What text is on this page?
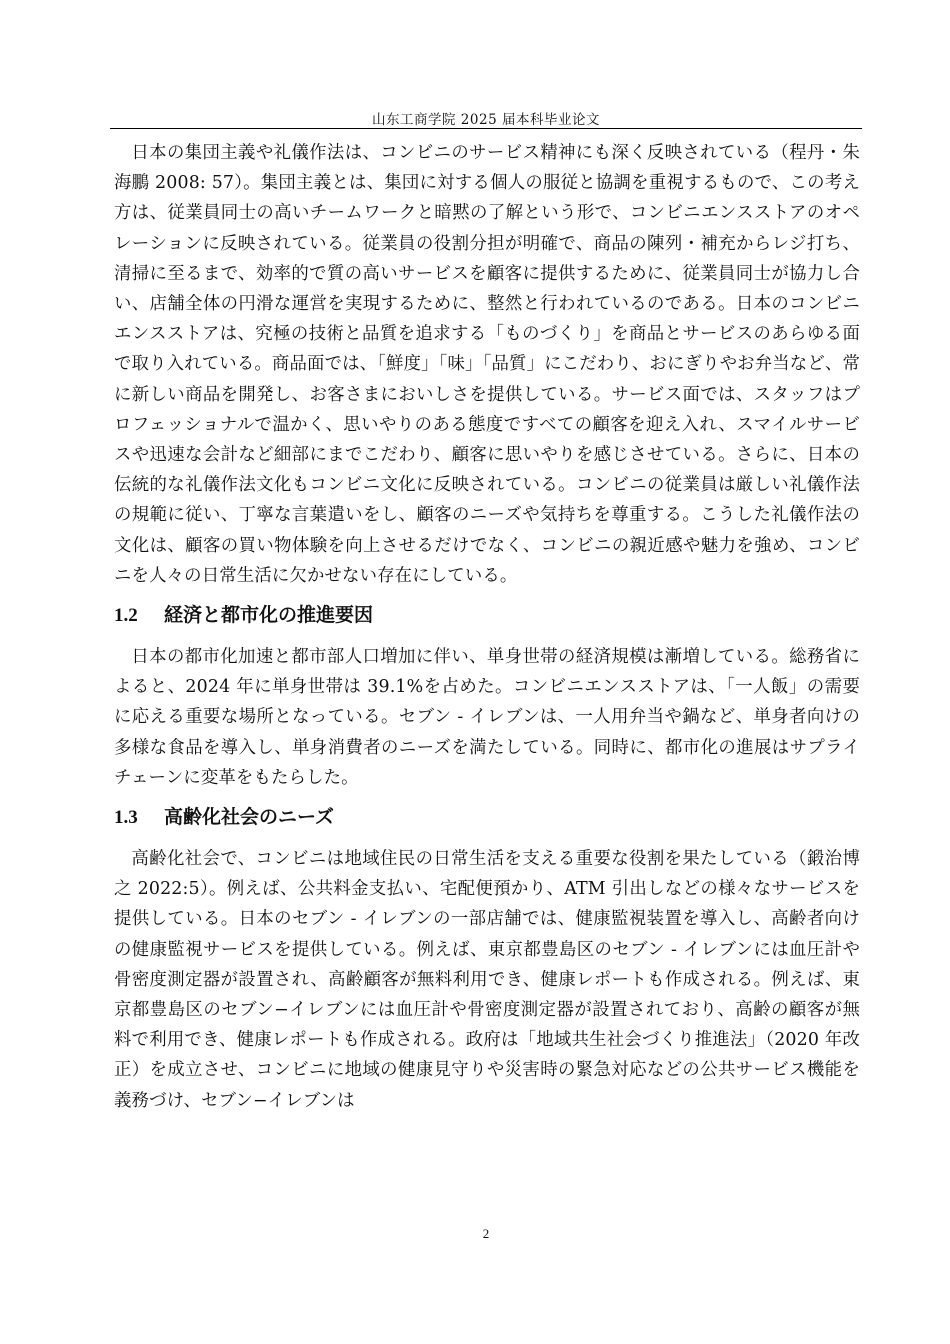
山东工商学院 2025 届本科毕业论文

日本の集団主義や礼儀作法は、コンビニのサービス精神にも深く反映されている（程丹・朱海鵬 2008: 57）。集団主義とは、集団に対する個人の服従と協調を重視するもので、この考え方は、従業員同士の高いチームワークと暗黙の了解という形で、コンビニエンスストアのオペレーションに反映されている。従業員の役割分担が明確で、商品の陳列・補充からレジ打ち、清掃に至るまで、効率的で質の高いサービスを顧客に提供するために、従業員同士が協力し合い、店舗全体の円滑な運営を実現するために、整然と行われているのである。日本のコンビニエンスストアは、究極の技術と品質を追求する「ものづくり」を商品とサービスのあらゆる面で取り入れている。商品面では、「鮮度」「味」「品質」にこだわり、おにぎりやお弁当など、常に新しい商品を開発し、お客さまにおいしさを提供している。サービス面では、スタッフはプロフェッショナルで温かく、思いやりのある態度ですべての顧客を迎え入れ、スマイルサービスや迅速な会計など細部にまでこだわり、顧客に思いやりを感じさせている。さらに、日本の伝統的な礼儀作法文化もコンビニ文化に反映されている。コンビニの従業員は厳しい礼儀作法の規範に従い、丁寧な言葉遣いをし、顧客のニーズや気持ちを尊重する。こうした礼儀作法の文化は、顧客の買い物体験を向上させるだけでなく、コンビニの親近感や魅力を強め、コンビニを人々の日常生活に欠かせない存在にしている。

1.2 経済と都市化の推進要因

日本の都市化加速と都市部人口増加に伴い、単身世帯の経済規模は漸増している。総務省によると、2024 年に単身世帯は 39.1%を占めた。コンビニエンスストアは、「一人飯」の需要に応える重要な場所となっている。セブン - イレブンは、一人用弁当や鍋など、単身者向けの多様な食品を導入し、単身消費者のニーズを満たしている。同時に、都市化の進展はサプライチェーンに変革をもたらした。

1.3 高齢化社会のニーズ

高齢化社会で、コンビニは地域住民の日常生活を支える重要な役割を果たしている（鍛治博之 2022:5）。例えば、公共料金支払い、宅配便預かり、ATM 引出しなどの様々なサービスを提供している。日本のセブン - イレブンの一部店舗では、健康監視装置を導入し、高齢者向けの健康監視サービスを提供している。例えば、東京都豊島区のセブン - イレブンには血圧計や骨密度測定器が設置され、高齢顧客が無料利用でき、健康レポートも作成される。例えば、東京都豊島区のセブン−イレブンには血圧計や骨密度測定器が設置されており、高齢の顧客が無料で利用でき、健康レポートも作成される。政府は「地域共生社会づくり推進法」（2020 年改正）を成立させ、コンビニに地域の健康見守りや災害時の緊急対応などの公共サービス機能を義務づけ、セブン−イレブンは

2
